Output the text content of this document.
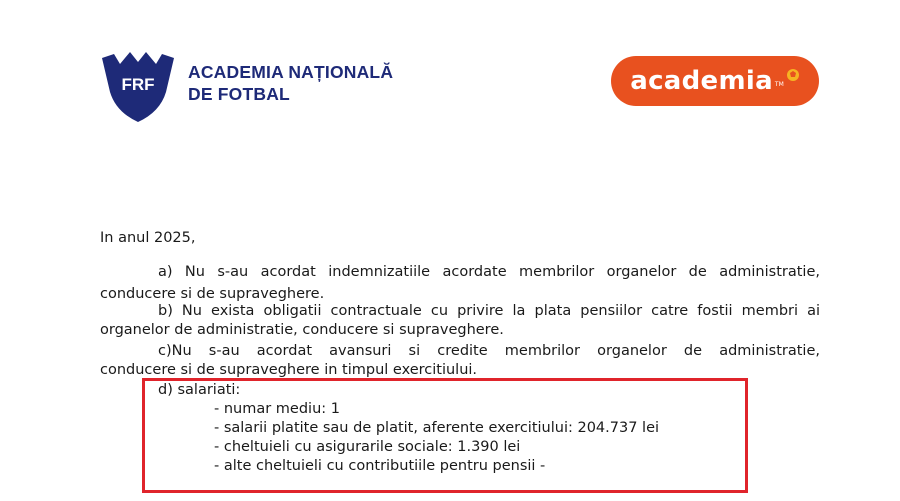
FRF
ACADEMIA NAȚIONALĂ
DE FOTBAL	academia TM
In anul 2025,
a) Nu s-au acordat indemnizatiile acordate membrilor organelor de administratie,
conducere si de supraveghere.
b) Nu exista obligatii contractuale cu privire la plata pensiilor catre fostii membri ai
organelor de administratie, conducere si supraveghere.
c)Nu s-au acordat avansuri si credite membrilor organelor de administratie,
conducere si de supraveghere in timpul exercitiului.
d) salariati:
- numar mediu: 1
- salarii platite sau de platit, aferente exercitiului: 204.737 lei
- cheltuieli cu asigurarile sociale: 1.390 lei
- alte cheltuieli cu contributiile pentru pensii -
